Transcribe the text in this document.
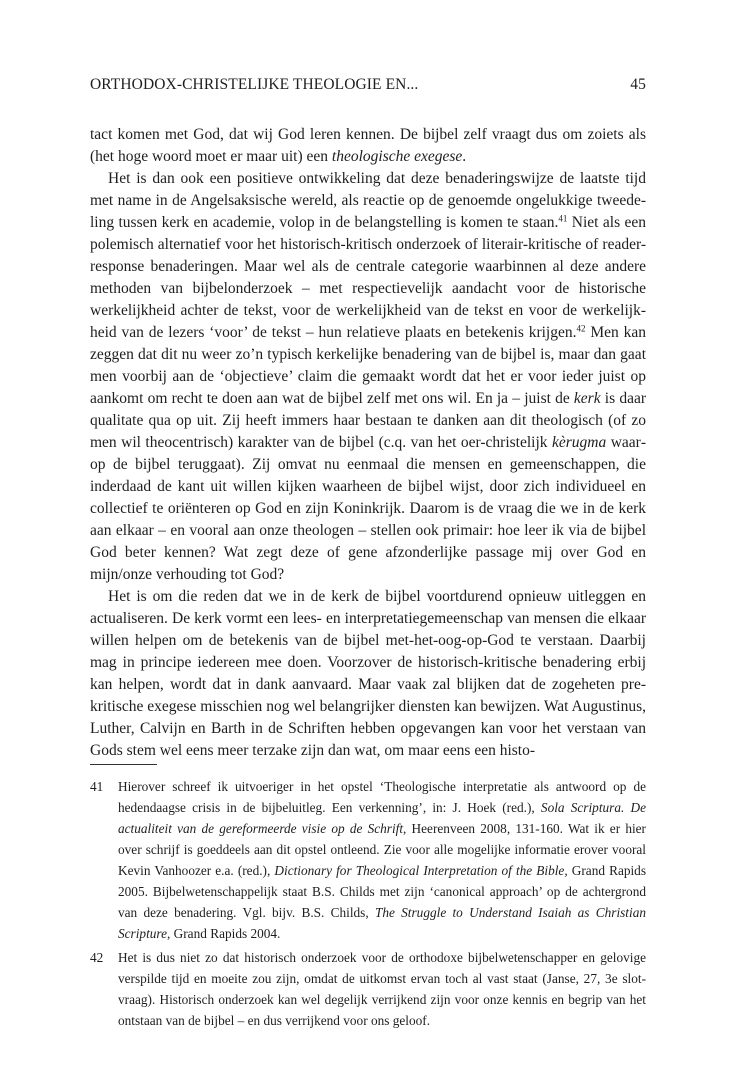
ORTHODOX-CHRISTELIJKE THEOLOGIE EN...	45

tact komen met God, dat wij God leren kennen. De bijbel zelf vraagt dus om zoiets als (het hoge woord moet er maar uit) een theologische exegese.

Het is dan ook een positieve ontwikkeling dat deze benaderingswijze de laatste tijd met name in de Angelsaksische wereld, als reactie op de genoemde ongelukkige tweedeling tussen kerk en academie, volop in de belangstelling is komen te staan.$^{41}$ Niet als een polemisch alternatief voor het historisch-kritisch onderzoek of literair-kritische of reader-response benaderingen. Maar wel als de centrale categorie waarbinnen al deze andere methoden van bijbelonderzoek – met respectievelijk aandacht voor de historische werkelijkheid achter de tekst, voor de werkelijkheid van de tekst en voor de werkelijkheid van de lezers ‘voor’ de tekst – hun relatieve plaats en betekenis krijgen.$^{42}$ Men kan zeggen dat dit nu weer zo’n typisch kerkelijke benadering van de bijbel is, maar dan gaat men voorbij aan de ‘objectieve’ claim die gemaakt wordt dat het er voor ieder juist op aankomt om recht te doen aan wat de bijbel zelf met ons wil. En ja – juist de kerk is daar qualitate qua op uit. Zij heeft immers haar bestaan te danken aan dit theologisch (of zo men wil theocentrisch) karakter van de bijbel (c.q. van het oer-christelijk kèrugma waarop de bijbel teruggaat). Zij omvat nu eenmaal die mensen en gemeenschappen, die inderdaad de kant uit willen kijken waarheen de bijbel wijst, door zich individueel en collectief te oriënteren op God en zijn Koninkrijk. Daarom is de vraag die we in de kerk aan elkaar – en vooral aan onze theologen – stellen ook primair: hoe leer ik via de bijbel God beter kennen? Wat zegt deze of gene afzonderlijke passage mij over God en mijn/onze verhouding tot God?

Het is om die reden dat we in de kerk de bijbel voortdurend opnieuw uitleggen en actualiseren. De kerk vormt een lees- en interpretatiegemeenschap van mensen die elkaar willen helpen om de betekenis van de bijbel met-het-oog-op-God te verstaan. Daarbij mag in principe iedereen mee doen. Voorzover de historisch-kritische benadering erbij kan helpen, wordt dat in dank aanvaard. Maar vaak zal blijken dat de zogeheten pre-kritische exegese misschien nog wel belangrijker diensten kan bewijzen. Wat Augustinus, Luther, Calvijn en Barth in de Schriften hebben opgevangen kan voor het verstaan van Gods stem wel eens meer terzake zijn dan wat, om maar eens een histo-

41 Hierover schreef ik uitvoeriger in het opstel ‘Theologische interpretatie als antwoord op de hedendaagse crisis in de bijbeluitleg. Een verkenning’, in: J. Hoek (red.), Sola Scriptura. De actualiteit van de gereformeerde visie op de Schrift, Heerenveen 2008, 131-160. Wat ik er hier over schrijf is goeddeels aan dit opstel ontleend. Zie voor alle mogelijke informatie erover vooral Kevin Vanhoozer e.a. (red.), Dictionary for Theological Interpretation of the Bible, Grand Rapids 2005. Bijbelwetenschappelijk staat B.S. Childs met zijn ‘canonical approach’ op de achtergrond van deze benadering. Vgl. bijv. B.S. Childs, The Struggle to Understand Isaiah as Christian Scripture, Grand Rapids 2004.
42 Het is dus niet zo dat historisch onderzoek voor de orthodoxe bijbelwetenschapper en gelovige verspilde tijd en moeite zou zijn, omdat de uitkomst ervan toch al vast staat (Janse, 27, 3e slotvraag). Historisch onderzoek kan wel degelijk verrijkend zijn voor onze kennis en begrip van het ontstaan van de bijbel – en dus verrijkend voor ons geloof.
